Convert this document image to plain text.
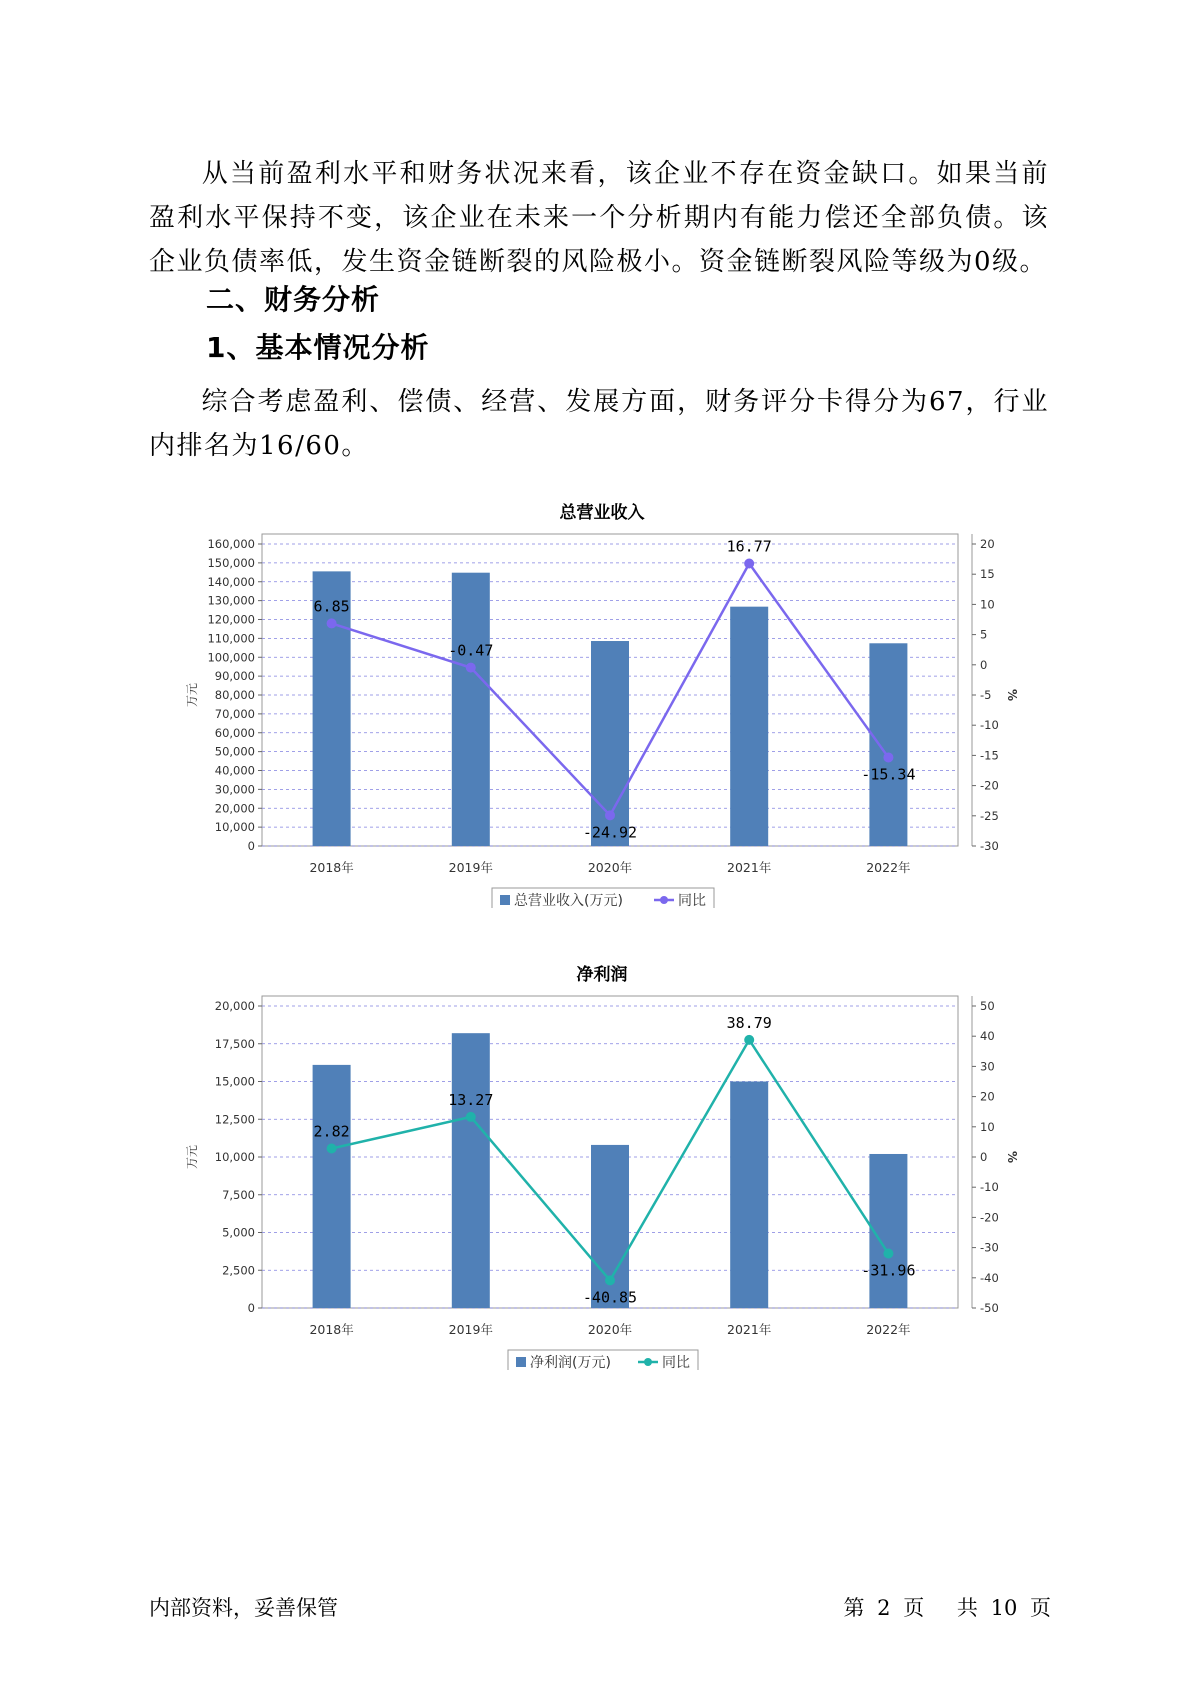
从当前盈利水平和财务状况来看，该企业不存在资金缺口。如果当前盈利水平保持不变，该企业在未来一个分析期内有能力偿还全部负债。该企业负债率低，发生资金链断裂的风险极小。资金链断裂风险等级为0级。
二、财务分析
1、基本情况分析
综合考虑盈利、偿债、经营、发展方面，财务评分卡得分为67，行业内排名为16/60。
总营业收入
0
10,000
20,000
30,000
40,000
50,000
60,000
70,000
80,000
90,000
100,000
110,000
120,000
130,000
140,000
150,000
160,000
-30
-25
-20
-15
-10
-5
0
5
10
15
20
万元	%
2018年	2019年	2020年	2021年	2022年
6.85
-0.47
-24.92
16.77
-15.34
总营业收入(万元)	同比
净利润
0
2,500
5,000
7,500
10,000
12,500
15,000
17,500
20,000
-50
-40
-30
-20
-10
0
10
20
30
40
50
万元	%
2018年	2019年	2020年	2021年	2022年
2.82
13.27
-40.85
38.79
-31.96
净利润(万元)	同比
内部资料，妥善保管	第 2 页 共 10 页
